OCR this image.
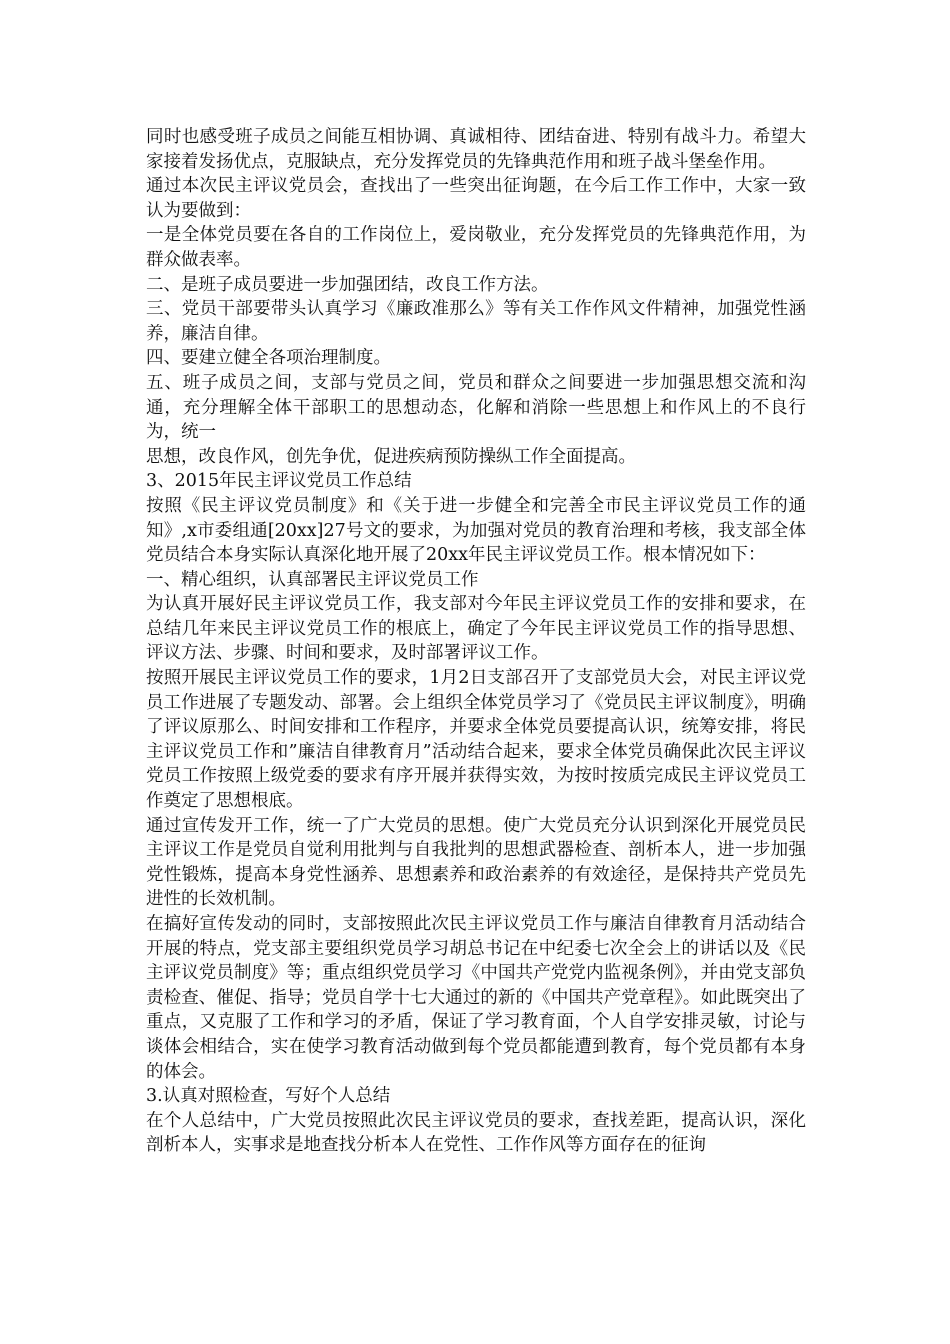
同时也感受班子成员之间能互相协调、真诚相待、团结奋进、特别有战斗力。希望大家接着发扬优点，克服缺点，充分发挥党员的先锋典范作用和班子战斗堡垒作用。

通过本次民主评议党员会，查找出了一些突出征询题，在今后工作工作中，大家一致认为要做到：

一是全体党员要在各自的工作岗位上，爱岗敬业，充分发挥党员的先锋典范作用，为群众做表率。

二、是班子成员要进一步加强团结，改良工作方法。

三、党员干部要带头认真学习《廉政准那么》等有关工作作风文件精神，加强党性涵养，廉洁自律。

四、要建立健全各项治理制度。

五、班子成员之间，支部与党员之间，党员和群众之间要进一步加强思想交流和沟通，充分理解全体干部职工的思想动态，化解和消除一些思想上和作风上的不良行为，统一

思想，改良作风，创先争优，促进疾病预防操纵工作全面提高。

3、2015年民主评议党员工作总结

按照《民主评议党员制度》和《关于进一步健全和完善全市民主评议党员工作的通知》,x市委组通[20xx]27号文的要求，为加强对党员的教育治理和考核，我支部全体党员结合本身实际认真深化地开展了20xx年民主评议党员工作。根本情况如下：

一、精心组织，认真部署民主评议党员工作

为认真开展好民主评议党员工作，我支部对今年民主评议党员工作的安排和要求，在总结几年来民主评议党员工作的根底上，确定了今年民主评议党员工作的指导思想、评议方法、步骤、时间和要求，及时部署评议工作。

按照开展民主评议党员工作的要求，1月2日支部召开了支部党员大会，对民主评议党员工作进展了专题发动、部署。会上组织全体党员学习了《党员民主评议制度》，明确了评议原那么、时间安排和工作程序，并要求全体党员要提高认识，统筹安排，将民主评议党员工作和”廉洁自律教育月”活动结合起来，要求全体党员确保此次民主评议党员工作按照上级党委的要求有序开展并获得实效，为按时按质完成民主评议党员工作奠定了思想根底。

通过宣传发开工作，统一了广大党员的思想。使广大党员充分认识到深化开展党员民主评议工作是党员自觉利用批判与自我批判的思想武器检查、剖析本人，进一步加强党性锻炼，提高本身党性涵养、思想素养和政治素养的有效途径，是保持共产党员先进性的长效机制。

在搞好宣传发动的同时，支部按照此次民主评议党员工作与廉洁自律教育月活动结合开展的特点，党支部主要组织党员学习胡总书记在中纪委七次全会上的讲话以及《民主评议党员制度》等；重点组织党员学习《中国共产党党内监视条例》，并由党支部负责检查、催促、指导；党员自学十七大通过的新的《中国共产党章程》。如此既突出了重点，又克服了工作和学习的矛盾，保证了学习教育面，个人自学安排灵敏，讨论与谈体会相结合，实在使学习教育活动做到每个党员都能遭到教育，每个党员都有本身的体会。

3.认真对照检查，写好个人总结

在个人总结中，广大党员按照此次民主评议党员的要求，查找差距，提高认识，深化剖析本人，实事求是地查找分析本人在党性、工作作风等方面存在的征询
